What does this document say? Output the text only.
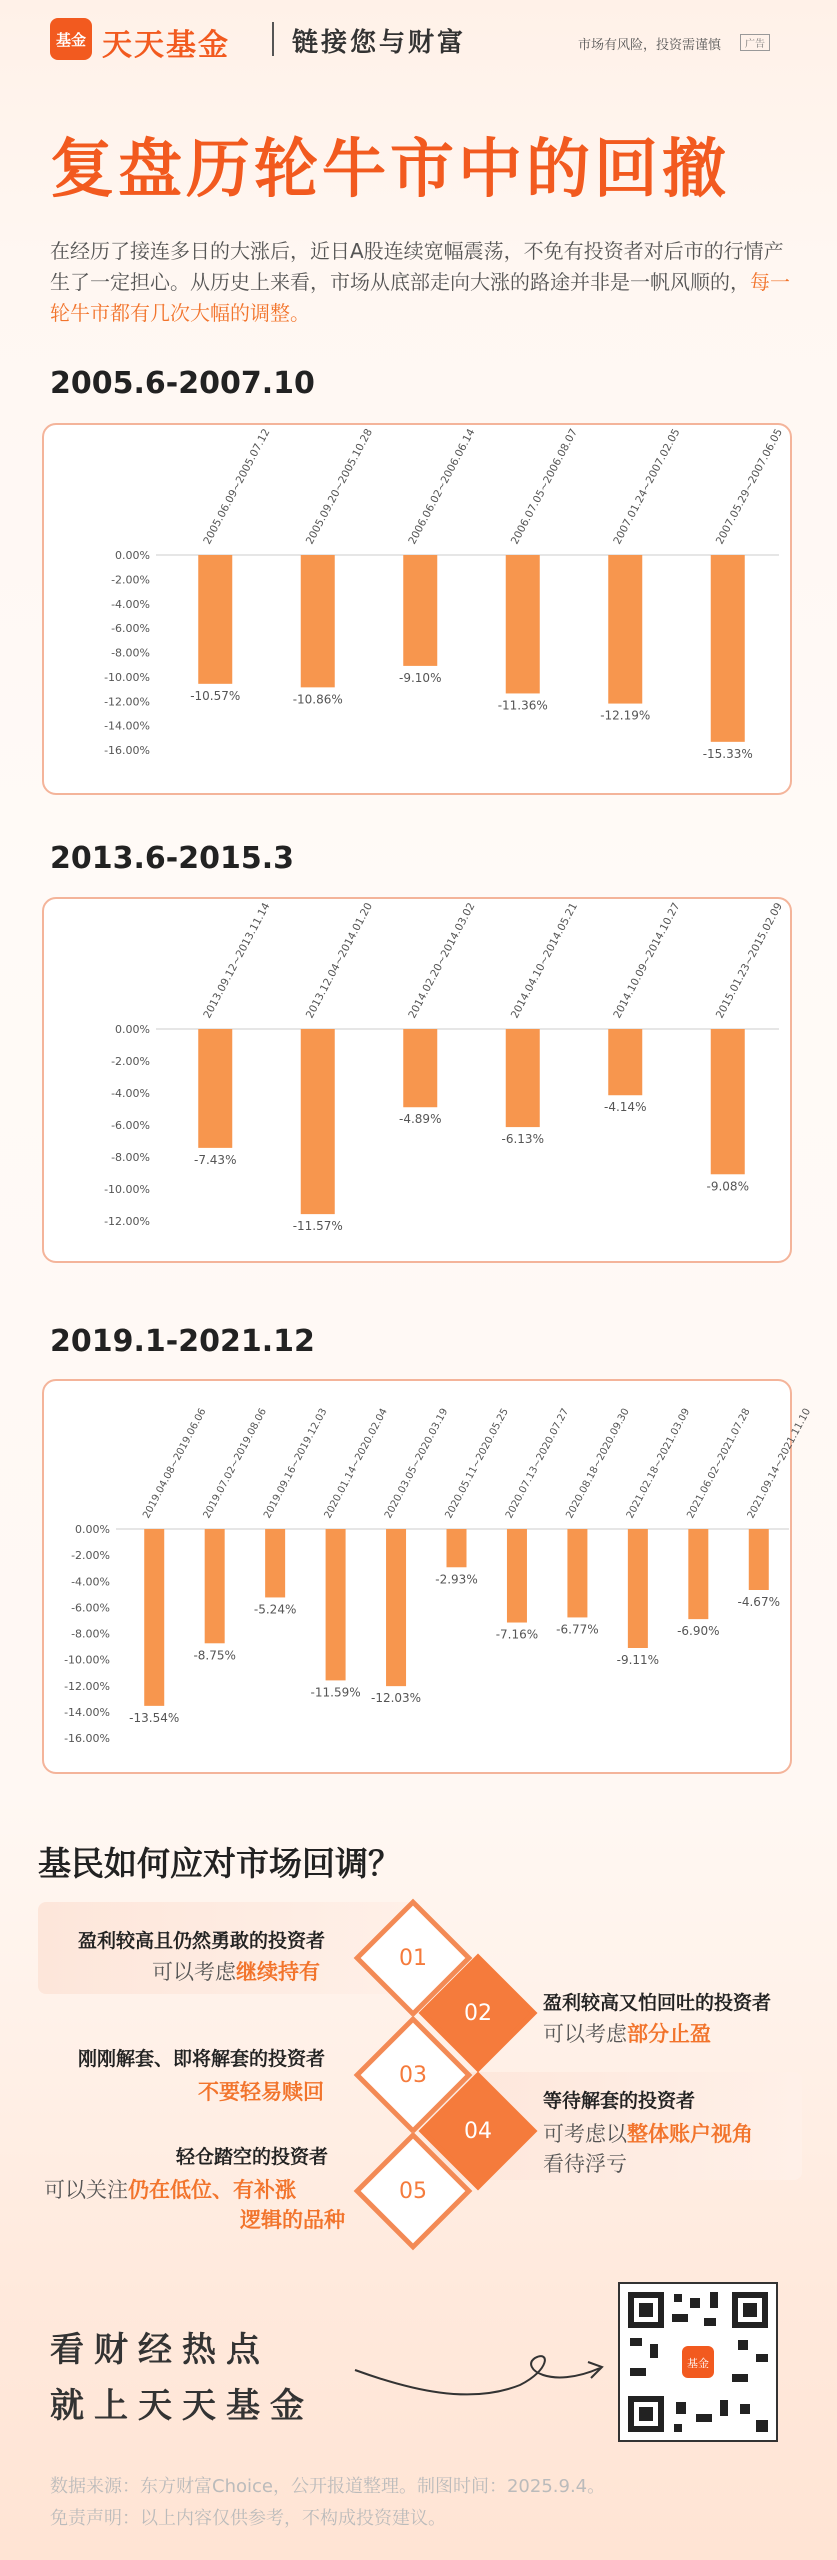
基金 天天基金 链接您与财富	市场有风险，投资需谨慎	广告
复盘历轮牛市中的回撤
在经历了接连多日的大涨后，近日A股连续宽幅震荡，不免有投资者对后市的行情产生了一定担心。从历史上来看，市场从底部走向大涨的路途并非是一帆风顺的，每一轮牛市都有几次大幅的调整。
2005.6-2007.10
0.00%
-2.00%
-4.00%
-6.00%
-8.00%
-10.00%
-12.00%
-14.00%
-16.00%
-10.57%
2005.06.09~2005.07.12
-10.86%
2005.09.20~2005.10.28
-9.10%
2006.06.02~2006.06.14
-11.36%
2006.07.05~2006.08.07
-12.19%
2007.01.24~2007.02.05
-15.33%
2007.05.29~2007.06.05
2013.6-2015.3
0.00%
-2.00%
-4.00%
-6.00%
-8.00%
-10.00%
-12.00%
-7.43%
2013.09.12~2013.11.14
-11.57%
2013.12.04~2014.01.20
-4.89%
2014.02.20~2014.03.02
-6.13%
2014.04.10~2014.05.21
-4.14%
2014.10.09~2014.10.27
-9.08%
2015.01.23~2015.02.09
2019.1-2021.12
0.00%
-2.00%
-4.00%
-6.00%
-8.00%
-10.00%
-12.00%
-14.00%
-16.00%
-13.54%
2019.04.08~2019.06.06
-8.75%
2019.07.02~2019.08.06
-5.24%
2019.09.16~2019.12.03
-11.59%
2020.01.14~2020.02.04
-12.03%
2020.03.05~2020.03.19
-2.93%
2020.05.11~2020.05.25
-7.16%
2020.07.13~2020.07.27
-6.77%
2020.08.18~2020.09.30
-9.11%
2021.02.18~2021.03.09
-6.90%
2021.06.02~2021.07.28
-4.67%
2021.09.14~2021.11.10
基民如何应对市场回调？
01
02
03
04
05
盈利较高且仍然勇敢的投资者
可以考虑继续持有
盈利较高又怕回吐的投资者
可以考虑部分止盈
刚刚解套、即将解套的投资者
不要轻易赎回	等待解套的投资者
可考虑以整体账户视角
看待浮亏
轻仓踏空的投资者
可以关注仍在低位、有补涨
逻辑的品种
看财经热点
就上天天基金
基金
数据来源：东方财富Choice，公开报道整理。制图时间：2025.9.4。
免责声明：以上内容仅供参考，不构成投资建议。
